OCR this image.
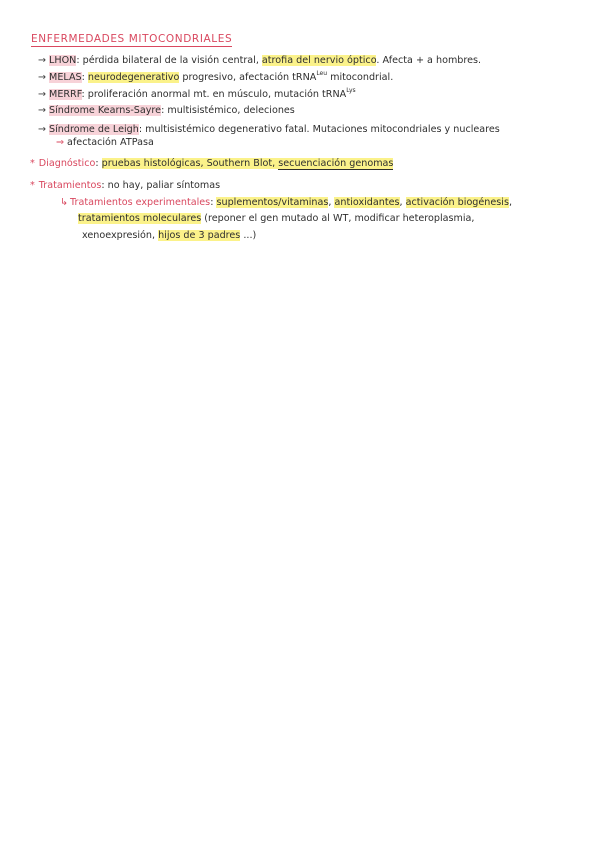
ENFERMEDADES MITOCONDRIALES
→ LHON: pérdida bilateral de la visión central, atrofia del nervio óptico. Afecta + a hombres.
→ MELAS: neurodegenerativo progresivo, afectación tRNA$^{Leu}$ mitocondrial.
→ MERRF: proliferación anormal mt. en músculo, mutación tRNA$^{Lys}$
→ Síndrome Kearns-Sayre: multisistémico, deleciones
→ Síndrome de Leigh: multisistémico degenerativo fatal. Mutaciones mitocondriales y nucleares
⇒ afectación ATPasa
* Diagnóstico: pruebas histológicas, Southern Blot, secuenciación genomas
* Tratamientos: no hay, paliar síntomas
↳ Tratamientos experimentales: suplementos/vitaminas, antioxidantes, activación biogénesis,
tratamientos moleculares (reponer el gen mutado al WT, modificar heteroplasmia,
xenoexpresión, hijos de 3 padres ...)
